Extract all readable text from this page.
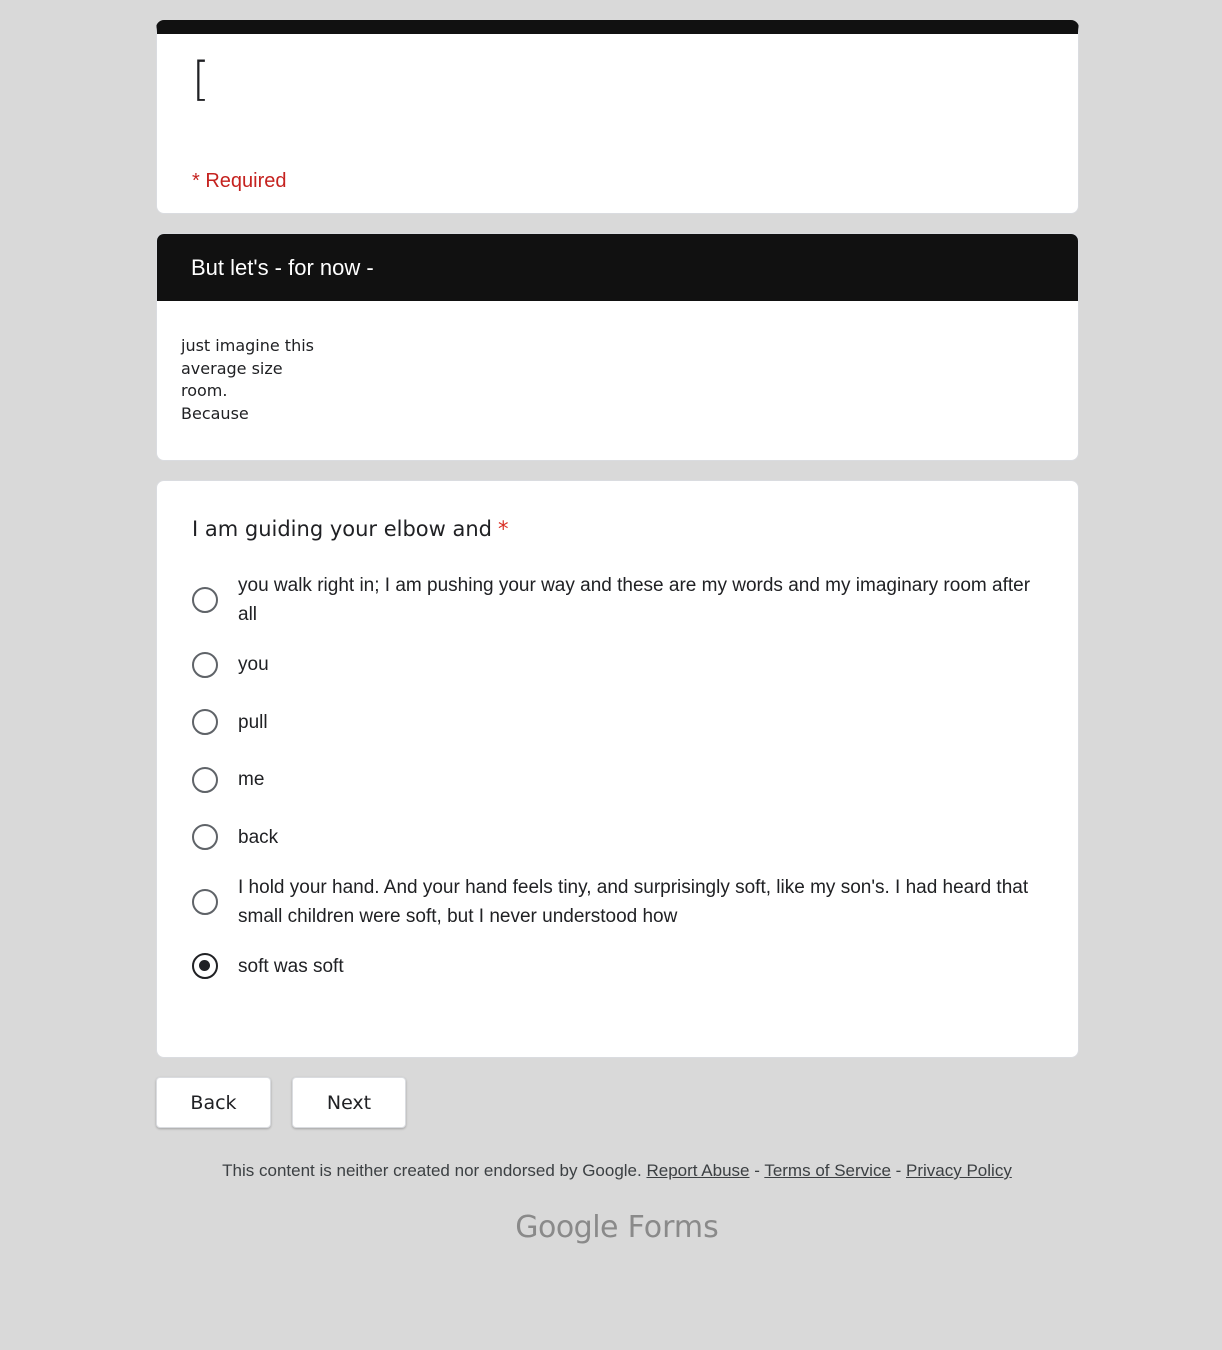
[
* Required
But let's - for now -
just imagine this
average size
room.
Because
I am guiding your elbow and *
you walk right in; I am pushing your way and these are my words and my imaginary room after all
you
pull
me
back
I hold your hand. And your hand feels tiny, and surprisingly soft, like my son's. I had heard that small children were soft, but I never understood how
soft was soft
Back	Next
This content is neither created nor endorsed by Google. Report Abuse - Terms of Service - Privacy Policy
Google Forms
